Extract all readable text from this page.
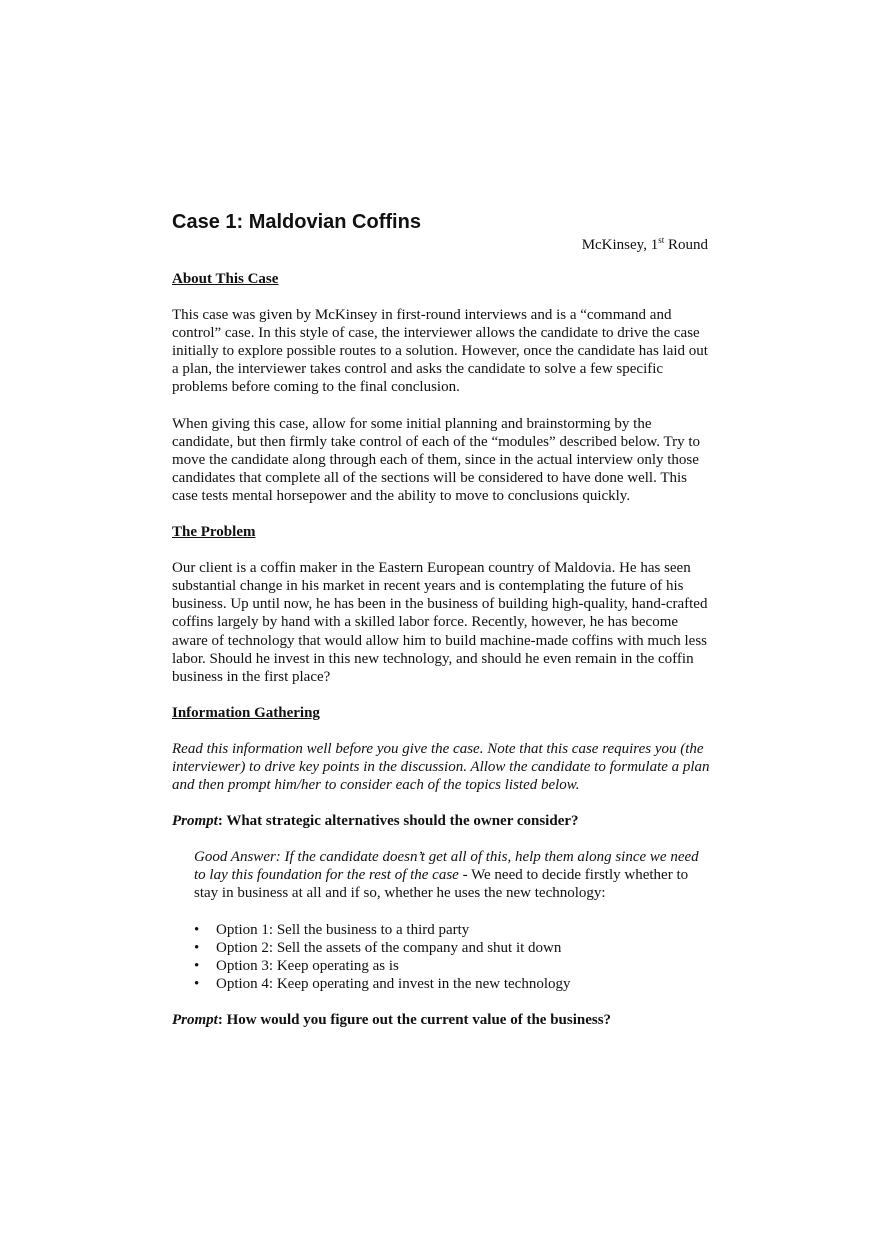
Case 1: Maldovian Coffins
McKinsey, 1st Round
About This Case

This case was given by McKinsey in first-round interviews and is a “command and control” case. In this style of case, the interviewer allows the candidate to drive the case initially to explore possible routes to a solution. However, once the candidate has laid out a plan, the interviewer takes control and asks the candidate to solve a few specific problems before coming to the final conclusion.

When giving this case, allow for some initial planning and brainstorming by the candidate, but then firmly take control of each of the “modules” described below. Try to move the candidate along through each of them, since in the actual interview only those candidates that complete all of the sections will be considered to have done well. This case tests mental horsepower and the ability to move to conclusions quickly.

The Problem

Our client is a coffin maker in the Eastern European country of Maldovia. He has seen substantial change in his market in recent years and is contemplating the future of his business. Up until now, he has been in the business of building high-quality, hand-crafted coffins largely by hand with a skilled labor force. Recently, however, he has become aware of technology that would allow him to build machine-made coffins with much less labor. Should he invest in this new technology, and should he even remain in the coffin business in the first place?

Information Gathering

Read this information well before you give the case. Note that this case requires you (the interviewer) to drive key points in the discussion. Allow the candidate to formulate a plan and then prompt him/her to consider each of the topics listed below.

Prompt: What strategic alternatives should the owner consider?

Good Answer: If the candidate doesn’t get all of this, help them along since we need to lay this foundation for the rest of the case - We need to decide firstly whether to stay in business at all and if so, whether he uses the new technology:

• Option 1: Sell the business to a third party
• Option 2: Sell the assets of the company and shut it down
• Option 3: Keep operating as is
• Option 4: Keep operating and invest in the new technology

Prompt: How would you figure out the current value of the business?
